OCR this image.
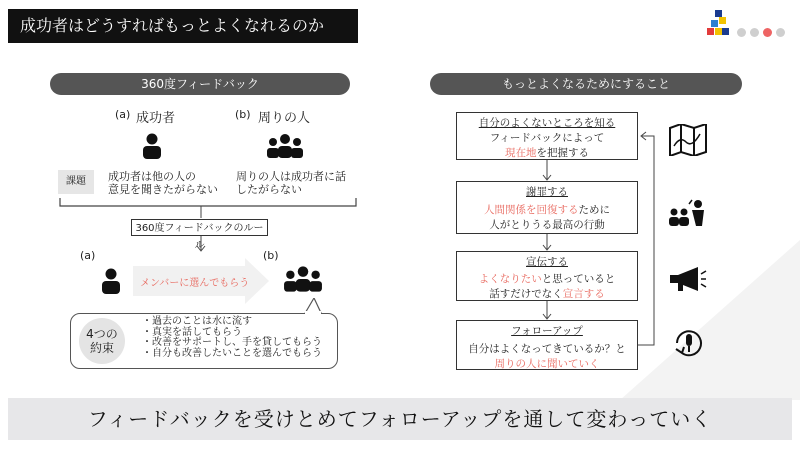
成功者はどうすればもっとよくなれるのか
360度フィードバック
(a) 成功者	(b) 周りの人
課題	成功者は他の人の
意見を聞きたがらない
周りの人は成功者に話
したがらない
360度フィードバックのルール
(a)	(b)
メンバーに選んでもらう
4つの
約束
・過去のことは水に流す
・真実を話してもらう
・改善をサポートし、手を貸してもらう
・自分も改善したいことを選んでもらう
もっとよくなるためにすること
自分のよくないところを知る
フィードバックによって
現在地を把握する
謝罪する
人間関係を回復するために
人がとりうる最高の行動
宣伝する
よくなりたいと思っていると
話すだけでなく宣言する
フォローアップ
自分はよくなってきているか？と
周りの人に聞いていく
フィードバックを受けとめてフォローアップを通して変わっていく
